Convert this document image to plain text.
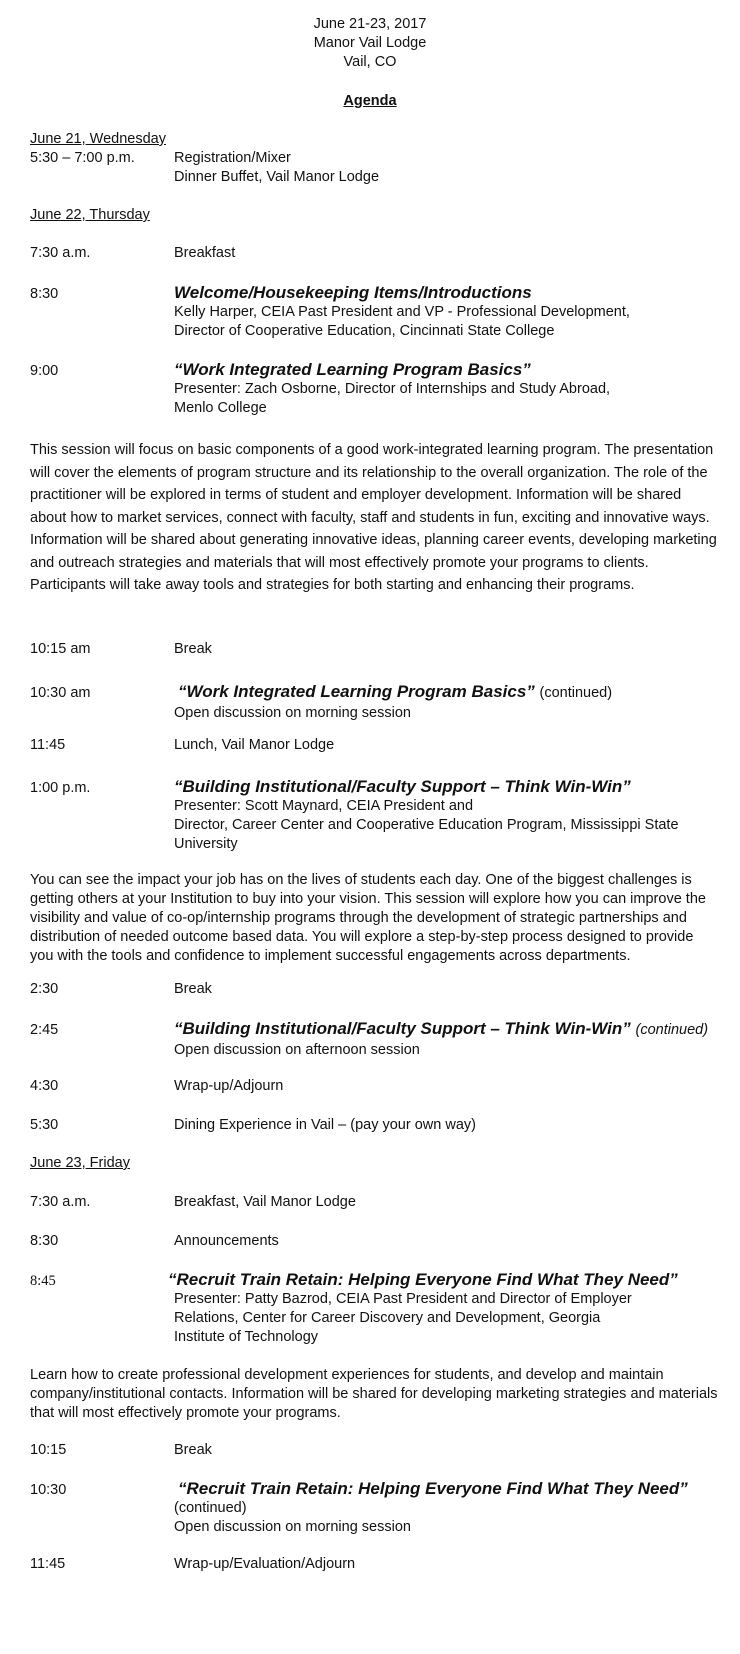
June 21-23, 2017
Manor Vail Lodge
Vail, CO
Agenda
June 21, Wednesday
5:30 – 7:00 p.m.	Registration/Mixer
Dinner Buffet, Vail Manor Lodge
June 22, Thursday
7:30 a.m.	Breakfast
8:30	Welcome/Housekeeping Items/Introductions
Kelly Harper, CEIA Past President and VP - Professional Development,
Director of Cooperative Education, Cincinnati State College
9:00	“Work Integrated Learning Program Basics”
Presenter: Zach Osborne, Director of Internships and Study Abroad,
Menlo College
This session will focus on basic components of a good work-integrated learning program. The presentation will cover the elements of program structure and its relationship to the overall organization. The role of the practitioner will be explored in terms of student and employer development. Information will be shared about how to market services, connect with faculty, staff and students in fun, exciting and innovative ways. Information will be shared about generating innovative ideas, planning career events, developing marketing and outreach strategies and materials that will most effectively promote your programs to clients. Participants will take away tools and strategies for both starting and enhancing their programs.
10:15 am	Break
10:30 am	“Work Integrated Learning Program Basics” (continued)
Open discussion on morning session
11:45	Lunch, Vail Manor Lodge
1:00 p.m.	“Building Institutional/Faculty Support – Think Win-Win”
Presenter: Scott Maynard, CEIA President and
Director, Career Center and Cooperative Education Program, Mississippi State University
You can see the impact your job has on the lives of students each day. One of the biggest challenges is getting others at your Institution to buy into your vision. This session will explore how you can improve the visibility and value of co-op/internship programs through the development of strategic partnerships and distribution of needed outcome based data. You will explore a step-by-step process designed to provide you with the tools and confidence to implement successful engagements across departments.
2:30	Break
2:45	“Building Institutional/Faculty Support – Think Win-Win” (continued)
Open discussion on afternoon session
4:30	Wrap-up/Adjourn
5:30	Dining Experience in Vail – (pay your own way)
June 23, Friday
7:30 a.m.	Breakfast, Vail Manor Lodge
8:30	Announcements
8:45	“Recruit Train Retain: Helping Everyone Find What They Need”
Presenter: Patty Bazrod, CEIA Past President and Director of Employer
Relations, Center for Career Discovery and Development, Georgia
Institute of Technology
Learn how to create professional development experiences for students, and develop and maintain company/institutional contacts. Information will be shared for developing marketing strategies and materials that will most effectively promote your programs.
10:15	Break
10:30	“Recruit Train Retain: Helping Everyone Find What They Need”
(continued)
Open discussion on morning session
11:45	Wrap-up/Evaluation/Adjourn
